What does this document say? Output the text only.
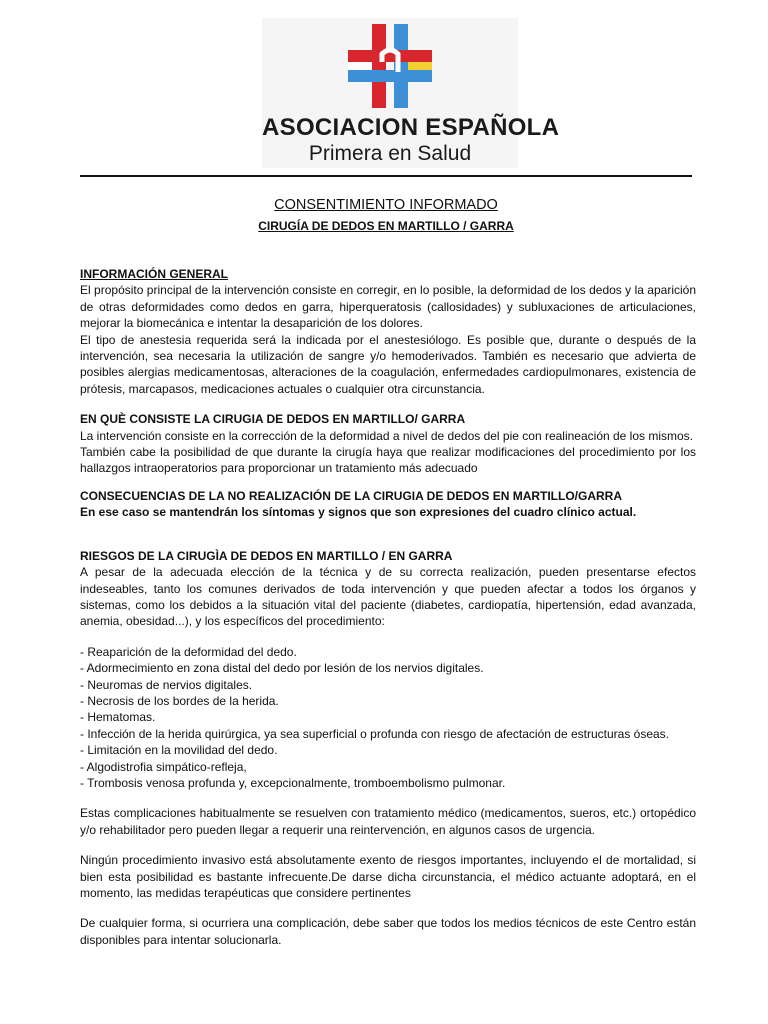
ASOCIACION ESPAÑOLA
Primera en Salud
CONSENTIMIENTO INFORMADO
CIRUGÍA DE DEDOS EN MARTILLO / GARRA

INFORMACIÓN GENERAL

El propósito principal de la intervención consiste en corregir, en lo posible, la deformidad de los dedos y la aparición de otras deformidades como dedos en garra, hiperqueratosis (callosidades) y subluxaciones de articulaciones, mejorar la biomecánica e intentar la desaparición de los dolores.

El tipo de anestesia requerida será la indicada por el anestesiólogo. Es posible que, durante o después de la intervención, sea necesaria la utilización de sangre y/o hemoderivados. También es necesario que advierta de posibles alergias medicamentosas, alteraciones de la coagulación, enfermedades cardiopulmonares, existencia de prótesis, marcapasos, medicaciones actuales o cualquier otra circunstancia.

EN QUÈ CONSISTE LA CIRUGIA DE DEDOS EN MARTILLO/ GARRA

La intervención consiste en la corrección de la deformidad a nivel de dedos del pie con realineación de los mismos.

También cabe la posibilidad de que durante la cirugía haya que realizar modificaciones del procedimiento por los hallazgos intraoperatorios para proporcionar un tratamiento más adecuado

CONSECUENCIAS DE LA NO REALIZACIÓN DE LA CIRUGIA DE DEDOS EN MARTILLO/GARRA

En ese caso se mantendrán los síntomas y signos que son expresiones del cuadro clínico actual.

RIESGOS DE LA CIRUGÌA DE DEDOS EN MARTILLO / EN GARRA

A pesar de la adecuada elección de la técnica y de su correcta realización, pueden presentarse efectos indeseables, tanto los comunes derivados de toda intervención y que pueden afectar a todos los órganos y sistemas, como los debidos a la situación vital del paciente (diabetes, cardiopatía, hipertensión, edad avanzada, anemia, obesidad...), y los específicos del procedimiento:

- Reaparición de la deformidad del dedo.
- Adormecimiento en zona distal del dedo por lesión de los nervios digitales.
- Neuromas de nervios digitales.
- Necrosis de los bordes de la herida.
- Hematomas.
- Infección de la herida quirúrgica, ya sea superficial o profunda con riesgo de afectación de estructuras óseas.
- Limitación en la movilidad del dedo.
- Algodistrofia simpático-refleja,
- Trombosis venosa profunda y, excepcionalmente, tromboembolismo pulmonar.

Estas complicaciones habitualmente se resuelven con tratamiento médico (medicamentos, sueros, etc.) ortopédico y/o rehabilitador pero pueden llegar a requerir una reintervención, en algunos casos de urgencia.

Ningún procedimiento invasivo está absolutamente exento de riesgos importantes, incluyendo el de mortalidad, si bien esta posibilidad es bastante infrecuente.De darse dicha circunstancia, el médico actuante adoptará, en el momento, las medidas terapéuticas que considere pertinentes

De cualquier forma, si ocurriera una complicación, debe saber que todos los medios técnicos de este Centro están disponibles para intentar solucionarla.
